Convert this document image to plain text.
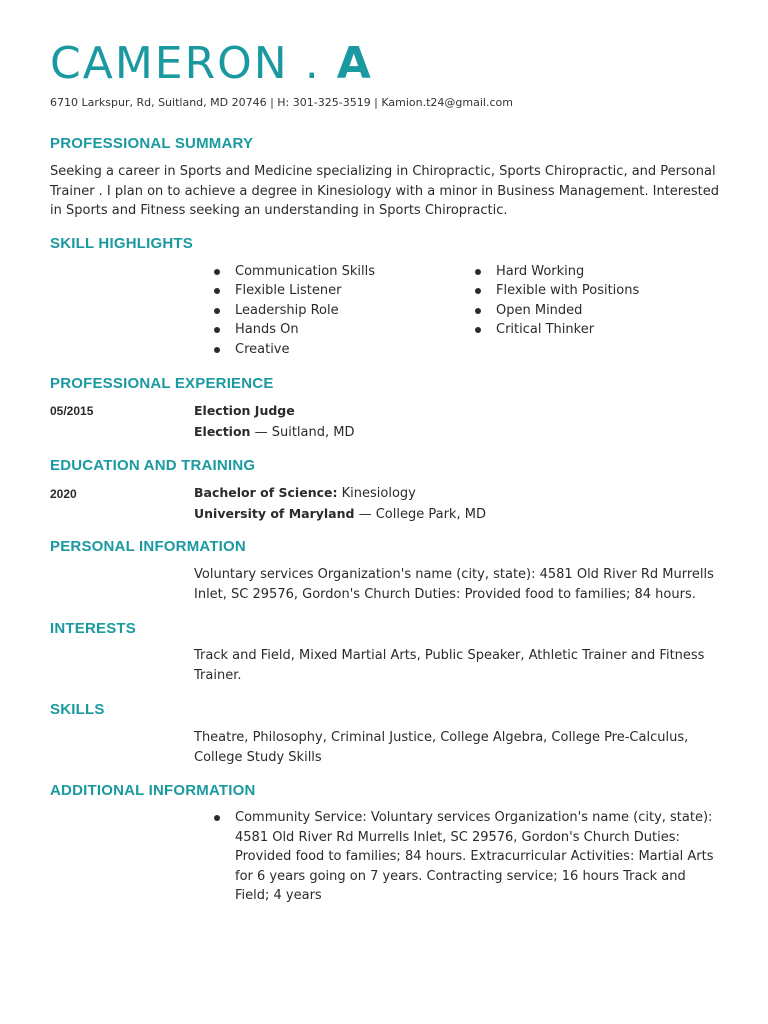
CAMERON . A
6710 Larkspur, Rd, Suitland, MD 20746 | H: 301-325-3519 | Kamion.t24@gmail.com
PROFESSIONAL SUMMARY
Seeking a career in Sports and Medicine specializing in Chiropractic, Sports Chiropractic, and Personal Trainer . I plan on to achieve a degree in Kinesiology with a minor in Business Management. Interested in Sports and Fitness seeking an understanding in Sports Chiropractic.
SKILL HIGHLIGHTS
Communication Skills
Flexible Listener
Leadership Role
Hands On
Creative
Hard Working
Flexible with Positions
Open Minded
Critical Thinker
PROFESSIONAL EXPERIENCE
05/2015	Election Judge
Election — Suitland, MD
EDUCATION AND TRAINING
2020	Bachelor of Science: Kinesiology
University of Maryland — College Park, MD
PERSONAL INFORMATION
Voluntary services Organization's name (city, state): 4581 Old River Rd Murrells Inlet, SC 29576, Gordon's Church Duties: Provided food to families; 84 hours.
INTERESTS
Track and Field, Mixed Martial Arts, Public Speaker, Athletic Trainer and Fitness Trainer.
SKILLS
Theatre, Philosophy, Criminal Justice, College Algebra, College Pre-Calculus, College Study Skills
ADDITIONAL INFORMATION
Community Service: Voluntary services Organization's name (city, state): 4581 Old River Rd Murrells Inlet, SC 29576, Gordon's Church Duties: Provided food to families; 84 hours. Extracurricular Activities: Martial Arts for 6 years going on 7 years. Contracting service; 16 hours Track and Field; 4 years
